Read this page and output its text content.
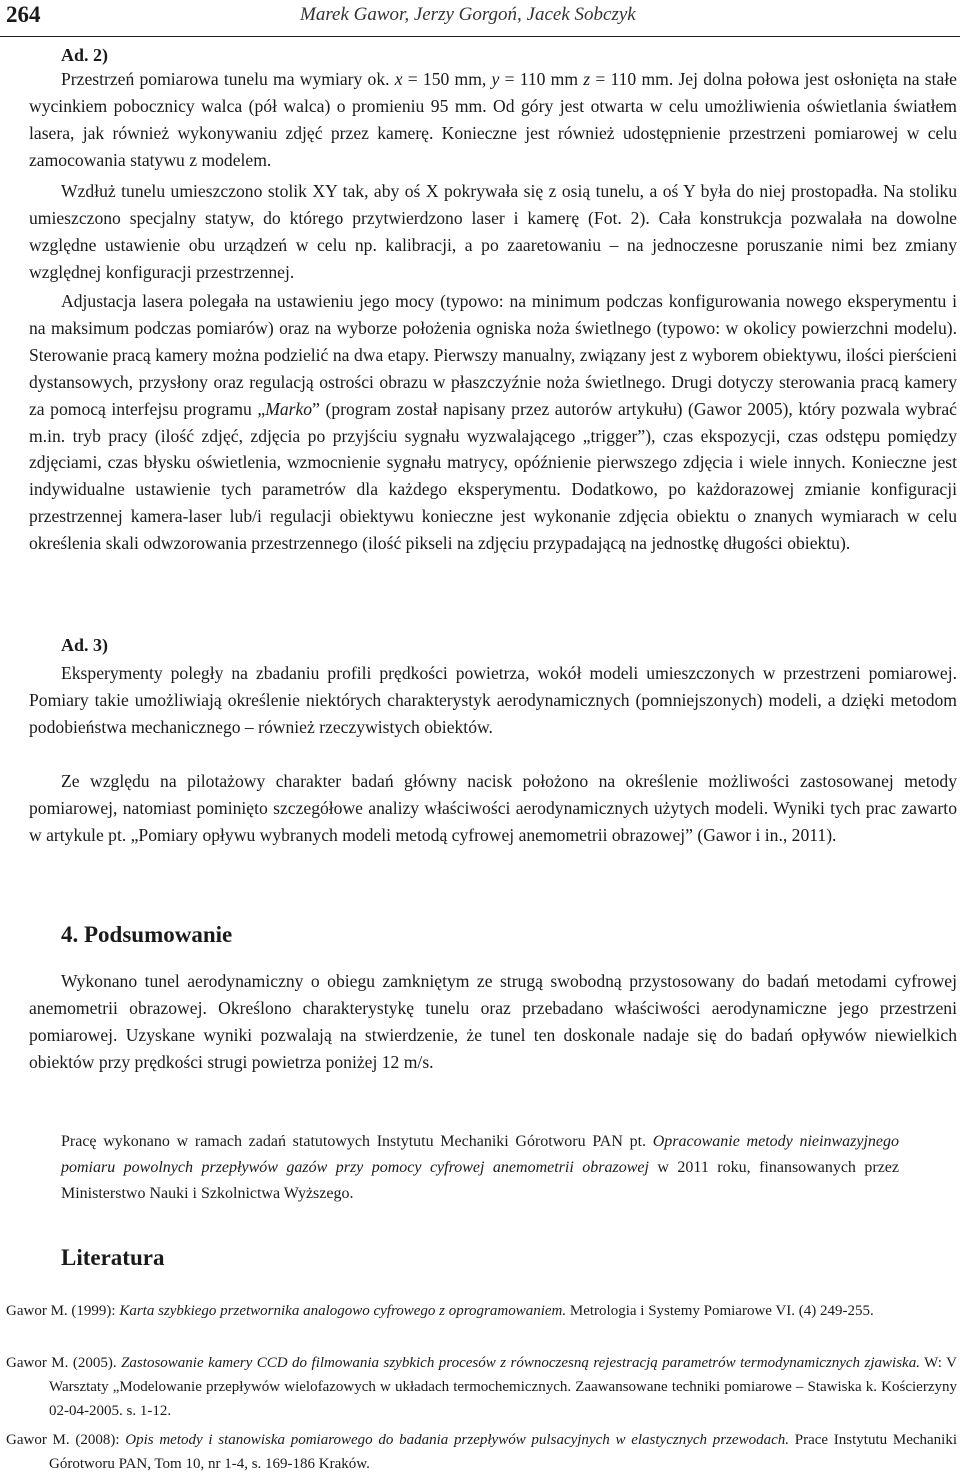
264	Marek Gawor, Jerzy Gorgoń, Jacek Sobczyk
Ad. 2)

Przestrzeń pomiarowa tunelu ma wymiary ok. x = 150 mm, y = 110 mm z = 110 mm. Jej dolna połowa jest osłonięta na stałe wycinkiem pobocznicy walca (pół walca) o promieniu 95 mm. Od góry jest otwarta w celu umożliwienia oświetlania światłem lasera, jak również wykonywaniu zdjęć przez kamerę. Konieczne jest również udostępnienie przestrzeni pomiarowej w celu zamocowania statywu z modelem.

Wzdłuż tunelu umieszczono stolik XY tak, aby oś X pokrywała się z osią tunelu, a oś Y była do niej prostopadła. Na stoliku umieszczono specjalny statyw, do którego przytwierdzono laser i kamerę (Fot. 2). Cała konstrukcja pozwalała na dowolne względne ustawienie obu urządzeń w celu np. kalibracji, a po zaaretowaniu – na jednoczesne poruszanie nimi bez zmiany względnej konfiguracji przestrzennej.

Adjustacja lasera polegała na ustawieniu jego mocy (typowo: na minimum podczas konfigurowania nowego eksperymentu i na maksimum podczas pomiarów) oraz na wyborze położenia ogniska noża świetlnego (typowo: w okolicy powierzchni modelu). Sterowanie pracą kamery można podzielić na dwa etapy. Pierwszy manualny, związany jest z wyborem obiektywu, ilości pierścieni dystansowych, przysłony oraz regulacją ostrości obrazu w płaszczyźnie noża świetlnego. Drugi dotyczy sterowania pracą kamery za pomocą interfejsu programu „Marko” (program został napisany przez autorów artykułu) (Gawor 2005), który pozwala wybrać m.in. tryb pracy (ilość zdjęć, zdjęcia po przyjściu sygnału wyzwalającego „trigger”), czas ekspozycji, czas odstępu pomiędzy zdjęciami, czas błysku oświetlenia, wzmocnienie sygnału matrycy, opóźnienie pierwszego zdjęcia i wiele innych. Konieczne jest indywidualne ustawienie tych parametrów dla każdego eksperymentu. Dodatkowo, po każdorazowej zmianie konfiguracji przestrzennej kamera-laser lub/i regulacji obiektywu konieczne jest wykonanie zdjęcia obiektu o znanych wymiarach w celu określenia skali odwzorowania przestrzennego (ilość pikseli na zdjęciu przypadającą na jednostkę długości obiektu).

Ad. 3)

Eksperymenty poległy na zbadaniu profili prędkości powietrza, wokół modeli umieszczonych w przestrzeni pomiarowej. Pomiary takie umożliwiają określenie niektórych charakterystyk aerodynamicznych (pomniejszonych) modeli, a dzięki metodom podobieństwa mechanicznego – również rzeczywistych obiektów.

Ze względu na pilotażowy charakter badań główny nacisk położono na określenie możliwości zastosowanej metody pomiarowej, natomiast pominięto szczegółowe analizy właściwości aerodynamicznych użytych modeli. Wyniki tych prac zawarto w artykule pt. „Pomiary opływu wybranych modeli metodą cyfrowej anemometrii obrazowej” (Gawor i in., 2011).

4. Podsumowanie

Wykonano tunel aerodynamiczny o obiegu zamkniętym ze strugą swobodną przystosowany do badań metodami cyfrowej anemometrii obrazowej. Określono charakterystykę tunelu oraz przebadano właściwości aerodynamiczne jego przestrzeni pomiarowej. Uzyskane wyniki pozwalają na stwierdzenie, że tunel ten doskonale nadaje się do badań opływów niewielkich obiektów przy prędkości strugi powietrza poniżej 12 m/s.

Pracę wykonano w ramach zadań statutowych Instytutu Mechaniki Górotworu PAN pt. Opracowanie metody nieinwazyjnego pomiaru powolnych przepływów gazów przy pomocy cyfrowej anemometrii obrazowej w 2011 roku, finansowanych przez Ministerstwo Nauki i Szkolnictwa Wyższego.

Literatura

Gawor M. (1999): Karta szybkiego przetwornika analogowo cyfrowego z oprogramowaniem. Metrologia i Systemy Pomiarowe VI. (4) 249-255.

Gawor M. (2005). Zastosowanie kamery CCD do filmowania szybkich procesów z równoczesną rejestracją parametrów termodynamicznych zjawiska. W: V Warsztaty „Modelowanie przepływów wielofazowych w układach termochemicznych. Zaawansowane techniki pomiarowe – Stawiska k. Kościerzyny 02-04-2005. s. 1-12.

Gawor M. (2008): Opis metody i stanowiska pomiarowego do badania przepływów pulsacyjnych w elastycznych przewodach. Prace Instytutu Mechaniki Górotworu PAN, Tom 10, nr 1-4, s. 169-186 Kraków.
